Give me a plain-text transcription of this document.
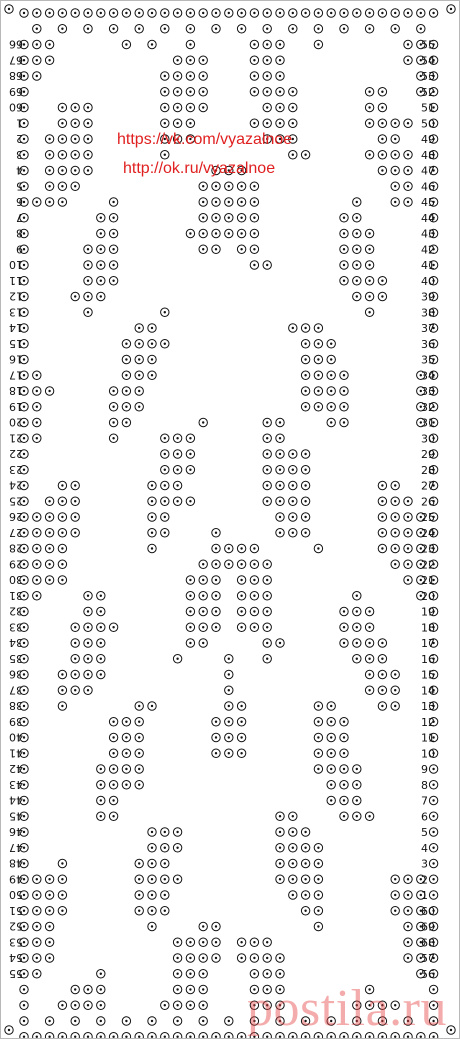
66	55
67	54
68	53
69	52
60	51
1	50
2	49
3	48
4	47
5	46
6	45
7	44
8	43
9	42
10	41
11	40
12	39
13	38
14	37
15	36
16	35
17	34
18	33
19	32
20	31
21	30
22	29
23	28
24	27
25	26
26	25
27	24
28	23
29	22
30	21
31	20
32	19
33	18
34	17
35	16
36	15
37	14
38	13
39	12
40	11
41	10
42	9
43	8
44	7
45	6
46	5
47	4
48	3
49	2
50	1
51	60
52	69
53	68
54	57
55	56
https://vk.com/vyazalnoe
http://ok.ru/vyazalnoe
postila.ru
